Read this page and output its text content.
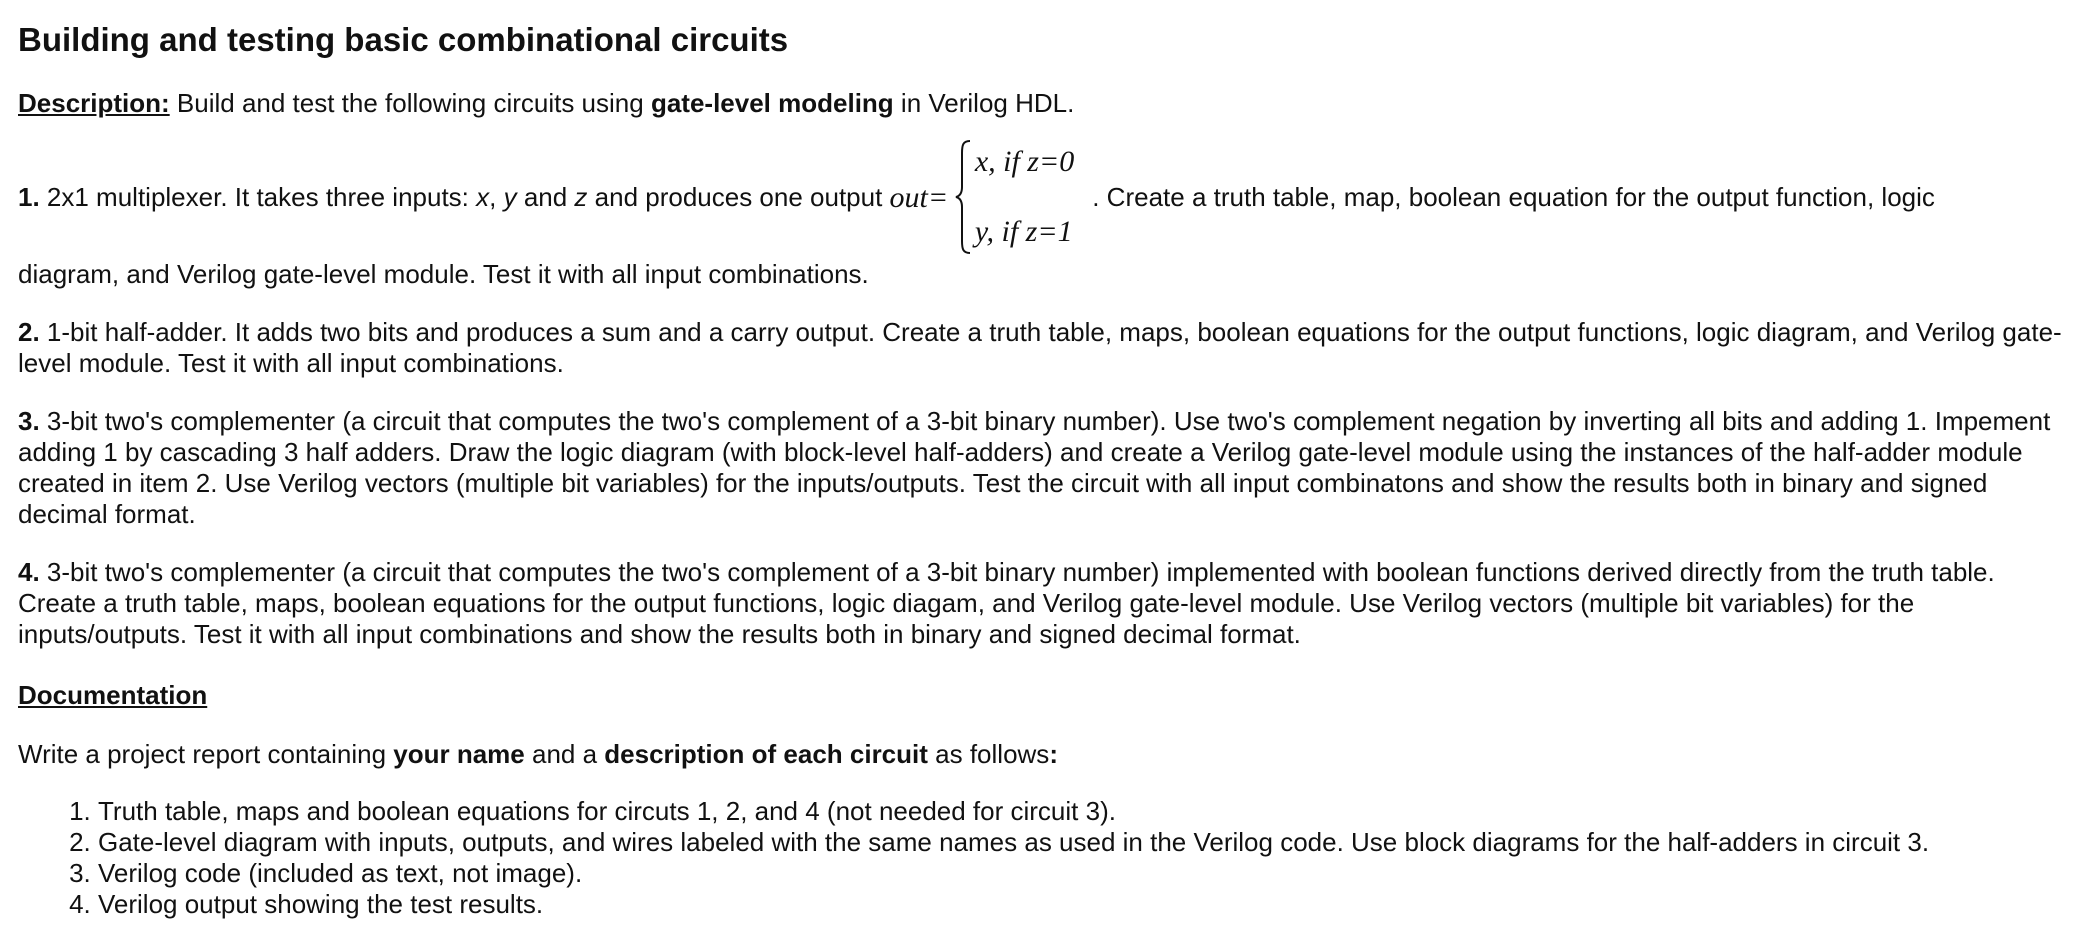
Building and testing basic combinational circuits

Description: Build and test the following circuits using gate-level modeling in Verilog HDL.

1. 2x1 multiplexer. It takes three inputs: x, y and z and produces one output out =
x, if z=0
y, if z=1
. Create a truth table, map, boolean equation for the output function, logic

diagram, and Verilog gate-level module. Test it with all input combinations.

2. 1-bit half-adder. It adds two bits and produces a sum and a carry output. Create a truth table, maps, boolean equations for the output functions, logic diagram, and Verilog gate-level module. Test it with all input combinations.

3. 3-bit two's complementer (a circuit that computes the two's complement of a 3-bit binary number). Use two's complement negation by inverting all bits and adding 1. Impement adding 1 by cascading 3 half adders. Draw the logic diagram (with block-level half-adders) and create a Verilog gate-level module using the instances of the half-adder module created in item 2. Use Verilog vectors (multiple bit variables) for the inputs/outputs. Test the circuit with all input combinatons and show the results both in binary and signed decimal format.

4. 3-bit two's complementer (a circuit that computes the two's complement of a 3-bit binary number) implemented with boolean functions derived directly from the truth table. Create a truth table, maps, boolean equations for the output functions, logic diagam, and Verilog gate-level module. Use Verilog vectors (multiple bit variables) for the inputs/outputs. Test it with all input combinations and show the results both in binary and signed decimal format.

Documentation

Write a project report containing your name and a description of each circuit as follows:

1. Truth table, maps and boolean equations for circuts 1, 2, and 4 (not needed for circuit 3).
2. Gate-level diagram with inputs, outputs, and wires labeled with the same names as used in the Verilog code. Use block diagrams for the half-adders in circuit 3.
3. Verilog code (included as text, not image).
4. Verilog output showing the test results.
